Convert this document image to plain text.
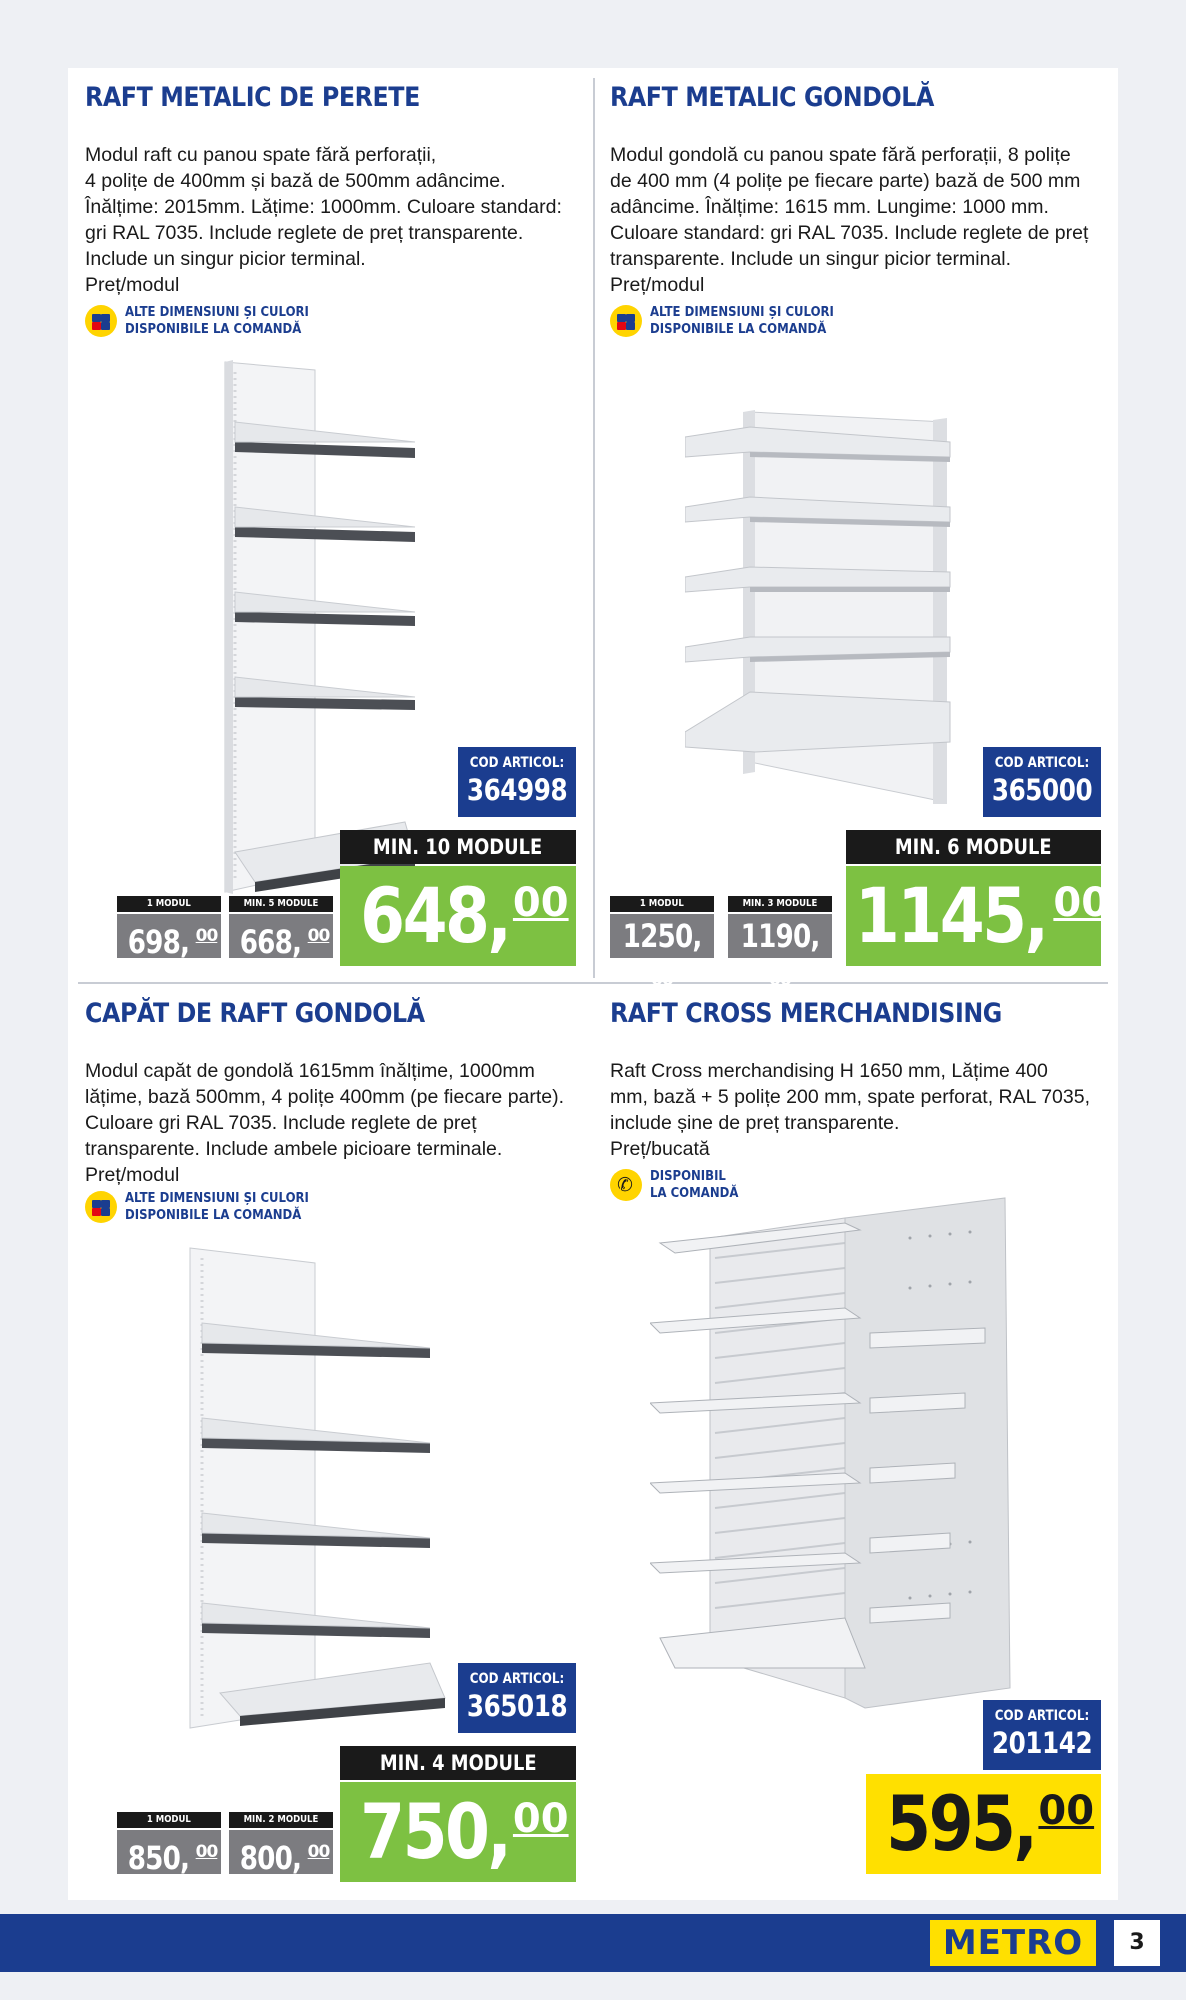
RAFT METALIC DE PERETE
Modul raft cu panou spate fără perforații,
4 polițe de 400mm și bază de 500mm adâncime.
Înălțime: 2015mm. Lățime: 1000mm. Culoare standard:
gri RAL 7035. Include reglete de preț transparente.
Include un singur picior terminal.
Preț/modul
ALTE DIMENSIUNI ȘI CULORI
DISPONIBILE LA COMANDĂ
COD ARTICOL:
364998
MIN. 10 MODULE
648, 00
1 MODUL
698, $^{00}$
MIN. 5 MODULE
668, $^{00}$
RAFT METALIC GONDOLĂ
Modul gondolă cu panou spate fără perforații, 8 polițe
de 400 mm (4 polițe pe fiecare parte) bază de 500 mm
adâncime. Înălțime: 1615 mm. Lungime: 1000 mm.
Culoare standard: gri RAL 7035. Include reglete de preț
transparente. Include un singur picior terminal.
Preț/modul
ALTE DIMENSIUNI ȘI CULORI
DISPONIBILE LA COMANDĂ
COD ARTICOL:
365000
MIN. 6 MODULE
1145, 00
1 MODUL
1250,00
MIN. 3 MODULE
1190,00
CAPĂT DE RAFT GONDOLĂ
Modul capăt de gondolă 1615mm înălțime, 1000mm
lățime, bază 500mm, 4 polițe 400mm (pe fiecare parte).
Culoare gri RAL 7035. Include reglete de preț
transparente. Include ambele picioare terminale.
Preț/modul
ALTE DIMENSIUNI ȘI CULORI
DISPONIBILE LA COMANDĂ
COD ARTICOL:
365018
MIN. 4 MODULE
750, 00
1 MODUL
850, $^{00}$
MIN. 2 MODULE
800, $^{00}$
RAFT CROSS MERCHANDISING
Raft Cross merchandising H 1650 mm, Lățime 400
mm, bază + 5 polițe 200 mm, spate perforat, RAL 7035,
include șine de preț transparente.
Preț/bucată
✆ DISPONIBIL
LA COMANDĂ
COD ARTICOL:
201142
595, 00
METRO	3
